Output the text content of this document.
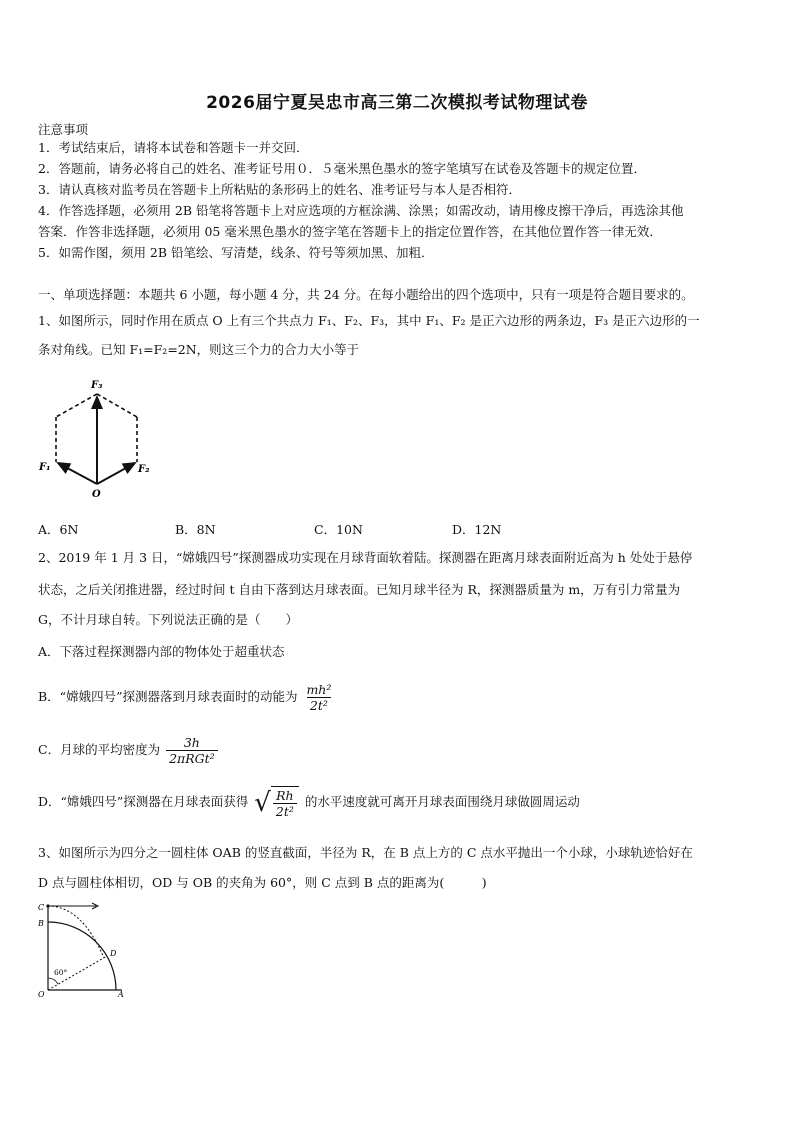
2026届宁夏吴忠市高三第二次模拟考试物理试卷
注意事项
1．考试结束后，请将本试卷和答题卡一并交回．
2．答题前，请务必将自己的姓名、准考证号用０．５毫米黑色墨水的签字笔填写在试卷及答题卡的规定位置．
3．请认真核对监考员在答题卡上所粘贴的条形码上的姓名、准考证号与本人是否相符．
4．作答选择题，必须用 2B 铅笔将答题卡上对应选项的方框涂满、涂黑；如需改动，请用橡皮擦干净后，再选涂其他
答案．作答非选择题，必须用 05 毫米黑色墨水的签字笔在答题卡上的指定位置作答，在其他位置作答一律无效．
5．如需作图，须用 2B 铅笔绘、写清楚，线条、符号等须加黑、加粗．
一、单项选择题：本题共 6 小题，每小题 4 分，共 24 分。在每小题给出的四个选项中，只有一项是符合题目要求的。
1、如图所示，同时作用在质点 O 上有三个共点力 F₁、F₂、F₃，其中 F₁、F₂ 是正六边形的两条边，F₃ 是正六边形的一
条对角线。已知 F₁=F₂=2N，则这三个力的合力大小等于
F₃
F₁	F₂
O
A．6N	B．8N	C．10N	D．12N
2、2019 年 1 月 3 日，“嫦娥四号”探测器成功实现在月球背面软着陆。探测器在距离月球表面附近高为 h 处处于悬停
状态，之后关闭推进器，经过时间 t 自由下落到达月球表面。已知月球半径为 R，探测器质量为 m，万有引力常量为
G，不计月球自转。下列说法正确的是（　　）
A．下落过程探测器内部的物体处于超重状态
B．“嫦娥四号”探测器落到月球表面时的动能为 $\frac{\text{mh²}}{\text{2t²}}$
C．月球的平均密度为 $\frac{3h}{\text{2πRGt²}}$
D．“嫦娥四号”探测器在月球表面获得 √ $\frac{Rh}{\text{2t²}}$ 的水平速度就可离开月球表面围绕月球做圆周运动
3、如图所示为四分之一圆柱体 OAB 的竖直截面，半径为 R，在 B 点上方的 C 点水平抛出一个小球，小球轨迹恰好在
D 点与圆柱体相切，OD 与 OB 的夹角为 60°，则 C 点到 B 点的距离为(　　　)
C
B
D
O	A
60°
